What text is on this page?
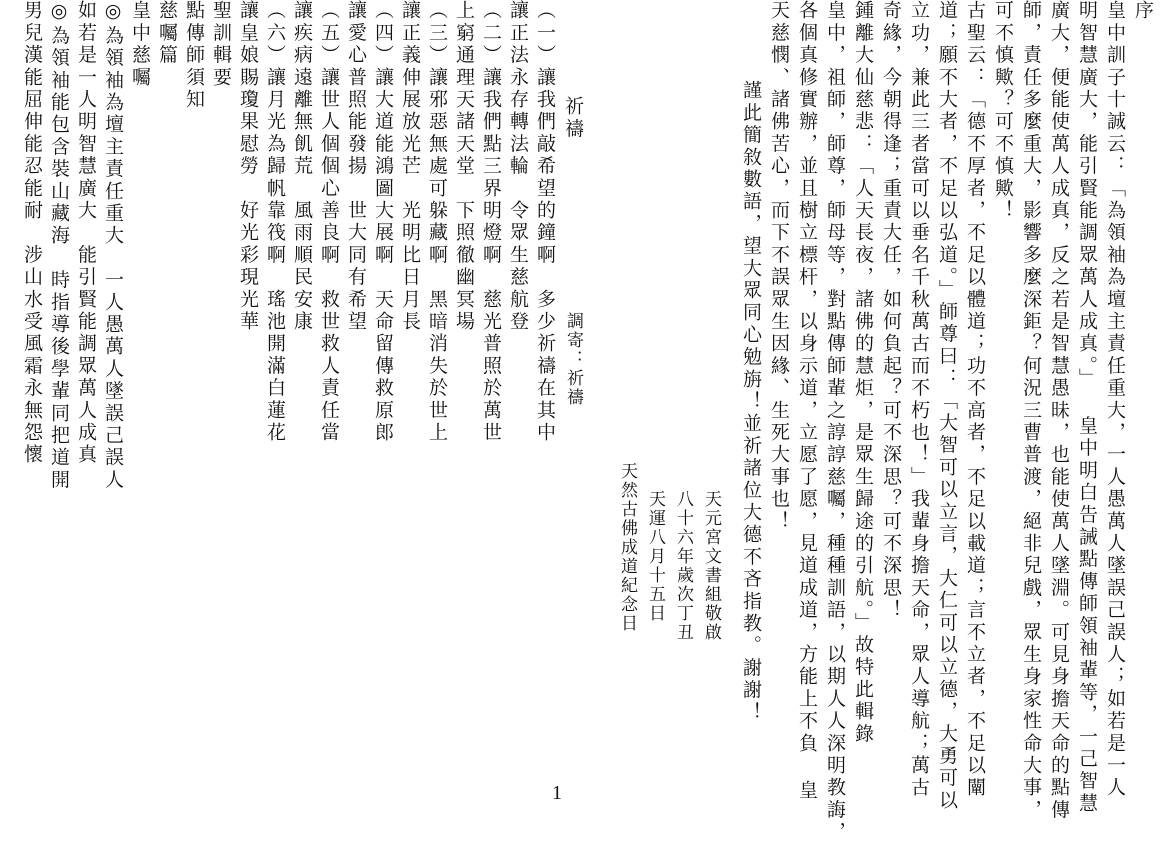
序
皇中訓子十誠云：「為領袖為壇主責任重大，一人愚萬人墜誤己誤人；如若是一人
明智慧廣大，能引賢能調眾萬人成真。」 皇中明白告誡點傳師領袖輩等，一己智慧
廣大，便能使萬人成真，反之若是智慧愚昧，也能使萬人墜淵。可見身擔天命的點傳
師，責任多麼重大，影響多麼深鉅？何況三曹普渡，絕非兒戲，眾生身家性命大事，
可不慎歟？可不慎歟！
古聖云：「德不厚者，不足以體道；功不高者，不足以載道；言不立者，不足以闡
道；願不大者，不足以弘道。」師尊曰：「大智可以立言，大仁可以立德，大勇可以
立功，兼此三者當可以垂名千秋萬古而不朽也！」我輩身擔天命，眾人導航；萬古
奇緣，今朝得逢；重責大任，如何負起？可不深思？可不深思！
鍾離大仙慈悲：「人天長夜，諸佛的慧炬，是眾生歸途的引航。」故特此輯錄
皇中，祖師，師尊，師母等，對點傳師輩之諄諄慈囑，種種訓語，以期人人深明教誨，
各個真修實辦，並且樹立標杆，以身示道，立愿了愿，見道成道，方能上不負 皇
天慈憫、諸佛苦心，而下不誤眾生因緣、生死大事也！
謹此簡敘數語，望大眾同心勉旃！並祈諸位大德不吝指教。謝謝！
天元宮文書組敬啟
八十六年歲次丁丑
天運八月十五日
天然古佛成道紀念日
祈禱
調寄：祈禱
（一）讓我們敲希望的鐘啊　多少祈禱在其中
讓正法永存轉法輪　令眾生慈航登
（二）讓我們點三界明燈啊　慈光普照於萬世
上窮通理天諸天堂　下照徹幽冥場
（三）讓邪惡無處可躲藏啊　黑暗消失於世上
讓正義伸展放光芒　光明比日月長
（四）讓大道能鴻圖大展啊　天命留傳救原郎
讓愛心普照能發揚　世大同有希望
（五）讓世人個個心善良啊　救世救人責任當
讓疾病遠離無飢荒　風雨順民安康
（六）讓月光為歸帆靠筏啊　瑤池開滿白蓮花
讓皇娘賜瓊果慰勞　好光彩現光華
聖訓輯要
點傳師須知
慈囑篇
皇中慈囑
◎為領袖為壇主責任重大　一人愚萬人墜誤己誤人
如若是一人明智慧廣大　能引賢能調眾萬人成真
◎為領袖能包含裝山藏海　時指導後學輩同把道開
男兒漢能屈伸能忍能耐　涉山水受風霜永無怨懷
1
